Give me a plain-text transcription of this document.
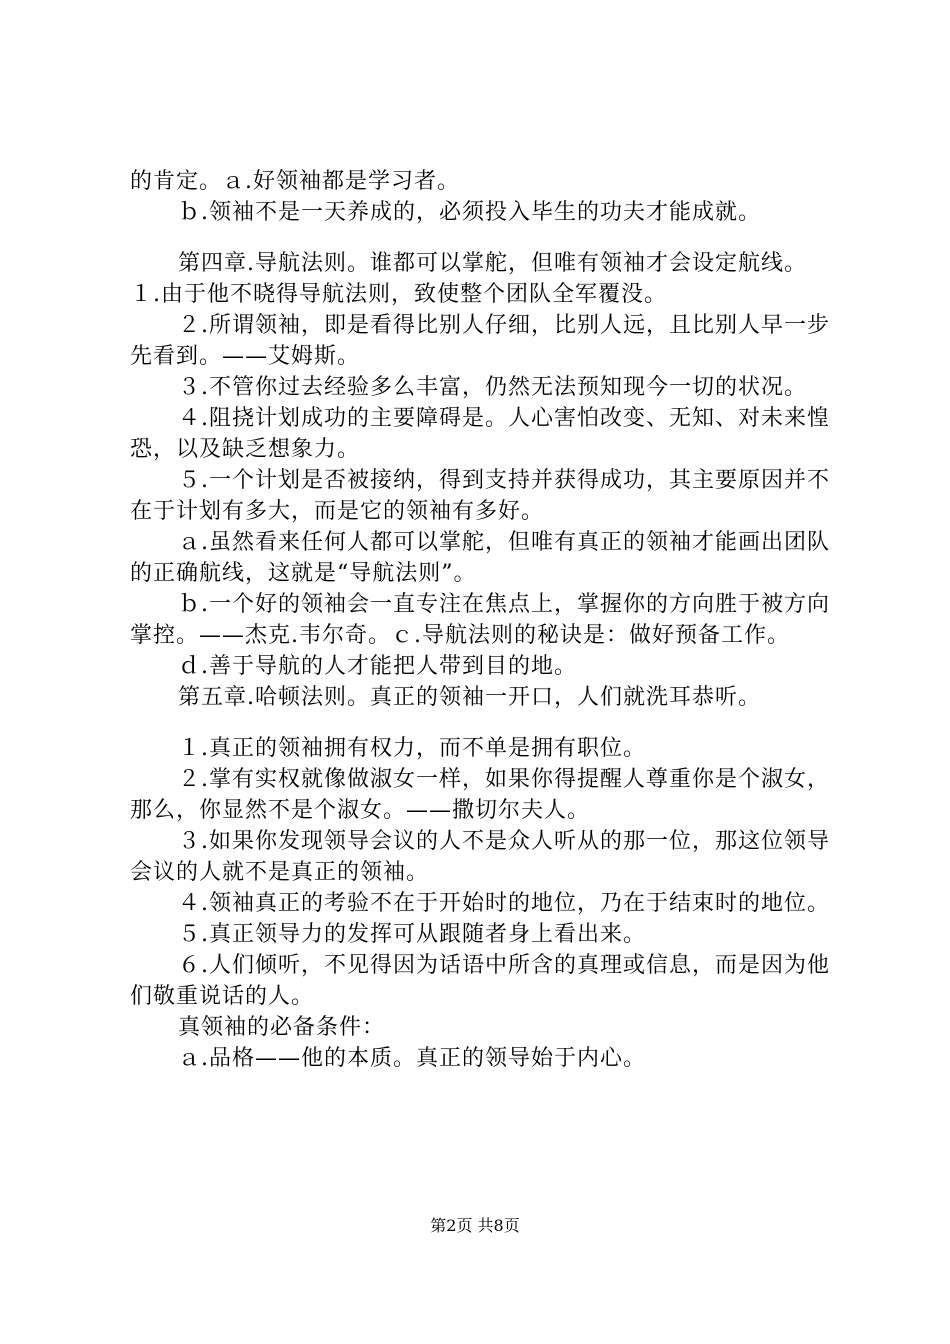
的肯定。ａ.好领袖都是学习者。

ｂ.领袖不是一天养成的，必须投入毕生的功夫才能成就。

第四章.导航法则。谁都可以掌舵，但唯有领袖才会设定航线。１.由于他不晓得导航法则，致使整个团队全军覆没。

２.所谓领袖，即是看得比别人仔细，比别人远，且比别人早一步先看到。——艾姆斯。

３.不管你过去经验多么丰富，仍然无法预知现今一切的状况。

４.阻挠计划成功的主要障碍是。人心害怕改变、无知、对未来惶恐，以及缺乏想象力。

５.一个计划是否被接纳，得到支持并获得成功，其主要原因并不在于计划有多大，而是它的领袖有多好。

ａ.虽然看来任何人都可以掌舵，但唯有真正的领袖才能画出团队的正确航线，这就是“导航法则”。

ｂ.一个好的领袖会一直专注在焦点上，掌握你的方向胜于被方向掌控。——杰克.韦尔奇。ｃ.导航法则的秘诀是：做好预备工作。

ｄ.善于导航的人才能把人带到目的地。

第五章.哈顿法则。真正的领袖一开口，人们就洗耳恭听。

１.真正的领袖拥有权力，而不单是拥有职位。

２.掌有实权就像做淑女一样，如果你得提醒人尊重你是个淑女，那么，你显然不是个淑女。——撒切尔夫人。

３.如果你发现领导会议的人不是众人听从的那一位，那这位领导会议的人就不是真正的领袖。

４.领袖真正的考验不在于开始时的地位，乃在于结束时的地位。

５.真正领导力的发挥可从跟随者身上看出来。

６.人们倾听，不见得因为话语中所含的真理或信息，而是因为他们敬重说话的人。

真领袖的必备条件：

ａ.品格——他的本质。真正的领导始于内心。

第2页 共8页
